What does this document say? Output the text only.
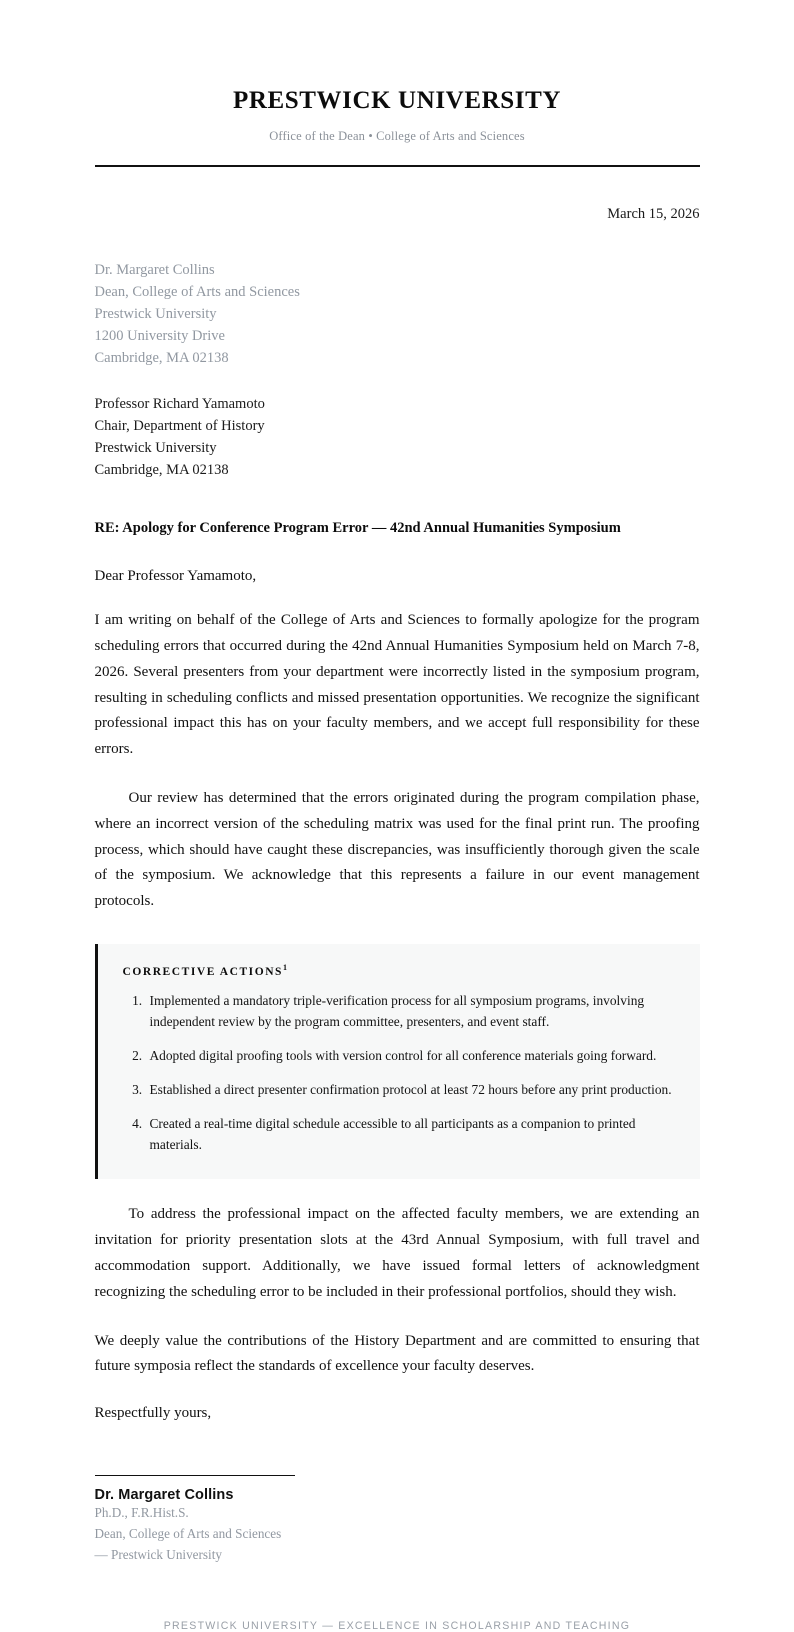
PRESTWICK UNIVERSITY
Office of the Dean • College of Arts and Sciences
March 15, 2026
Dr. Margaret Collins
Dean, College of Arts and Sciences
Prestwick University
1200 University Drive
Cambridge, MA 02138
Professor Richard Yamamoto
Chair, Department of History
Prestwick University
Cambridge, MA 02138
RE: Apology for Conference Program Error — 42nd Annual Humanities Symposium
Dear Professor Yamamoto,

I am writing on behalf of the College of Arts and Sciences to formally apologize for the program scheduling errors that occurred during the 42nd Annual Humanities Symposium held on March 7-8, 2026. Several presenters from your department were incorrectly listed in the symposium program, resulting in scheduling conflicts and missed presentation opportunities. We recognize the significant professional impact this has on your faculty members, and we accept full responsibility for these errors.

Our review has determined that the errors originated during the program compilation phase, where an incorrect version of the scheduling matrix was used for the final print run. The proofing process, which should have caught these discrepancies, was insufficiently thorough given the scale of the symposium. We acknowledge that this represents a failure in our event management protocols.

CORRECTIVE ACTIONS$^1$
1. Implemented a mandatory triple-verification process for all symposium programs, involving independent review by the program committee, presenters, and event staff.
2. Adopted digital proofing tools with version control for all conference materials going forward.
3. Established a direct presenter confirmation protocol at least 72 hours before any print production.
4. Created a real-time digital schedule accessible to all participants as a companion to printed materials.

To address the professional impact on the affected faculty members, we are extending an invitation for priority presentation slots at the 43rd Annual Symposium, with full travel and accommodation support. Additionally, we have issued formal letters of acknowledgment recognizing the scheduling error to be included in their professional portfolios, should they wish.

We deeply value the contributions of the History Department and are committed to ensuring that future symposia reflect the standards of excellence your faculty deserves.

Respectfully yours,
Dr. Margaret Collins
Ph.D., F.R.Hist.S.
Dean, College of Arts and Sciences
— Prestwick University
PRESTWICK UNIVERSITY — EXCELLENCE IN SCHOLARSHIP AND TEACHING
